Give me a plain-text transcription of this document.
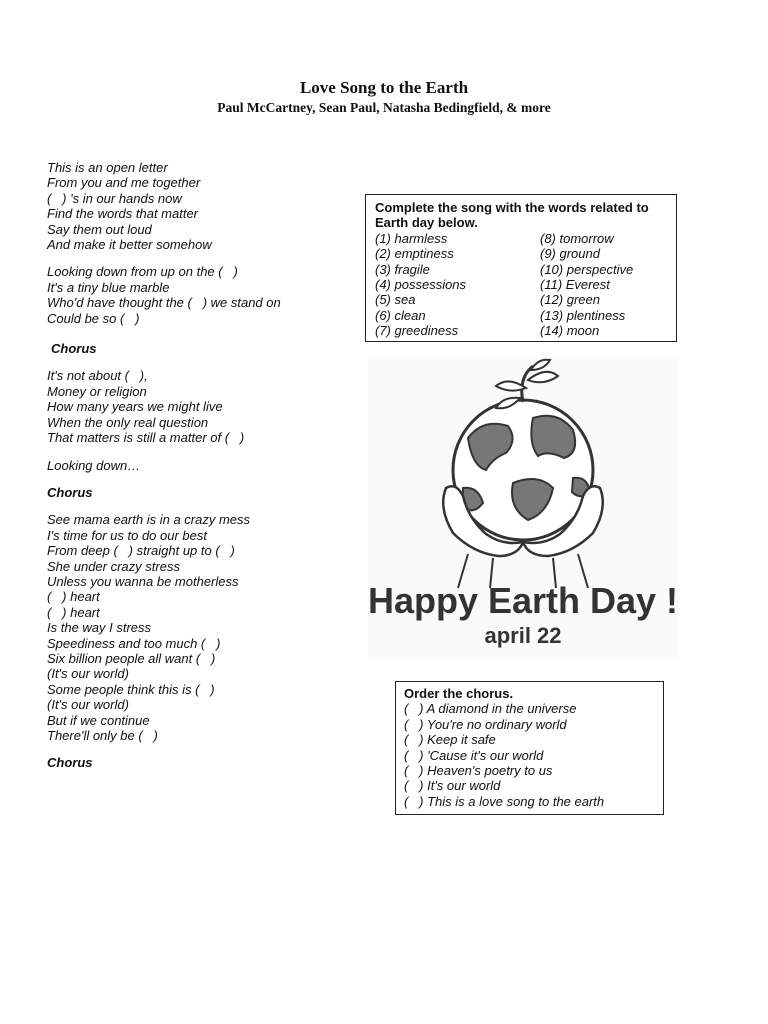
Love Song to the Earth
Paul McCartney, Sean Paul, Natasha Bedingfield, & more
This is an open letter
From you and me together
(   ) 's in our hands now
Find the words that matter
Say them out loud
And make it better somehow
Looking down from up on the (   )
It's a tiny blue marble
Who'd have thought the (   ) we stand on
Could be so (   )
Chorus
It's not about (   ),
Money or religion
How many years we might live
When the only real question
That matters is still a matter of (   )
Looking down…
Chorus
See mama earth is in a crazy mess
I's time for us to do our best
From deep (   ) straight up to (   )
She under crazy stress
Unless you wanna be motherless
(   ) heart
(   ) heart
Is the way I stress
Speediness and too much (   )
Six billion people all want (   )
(It's our world)
Some people think this is (   )
(It's our world)
But if we continue
There'll only be (   )
Chorus
Complete the song with the words related to Earth day below.
(1) harmless	(8) tomorrow
(2) emptiness	(9) ground
(3) fragile	(10) perspective
(4) possessions	(11) Everest
(5) sea	(12) green
(6) clean	(13) plentiness
(7) greediness	(14) moon
Happy Earth Day !
april 22
Order the chorus.
(   ) A diamond in the universe
(   ) You're no ordinary world
(   ) Keep it safe
(   ) 'Cause it's our world
(   ) Heaven's poetry to us
(   ) It's our world
(   ) This is a love song to the earth
